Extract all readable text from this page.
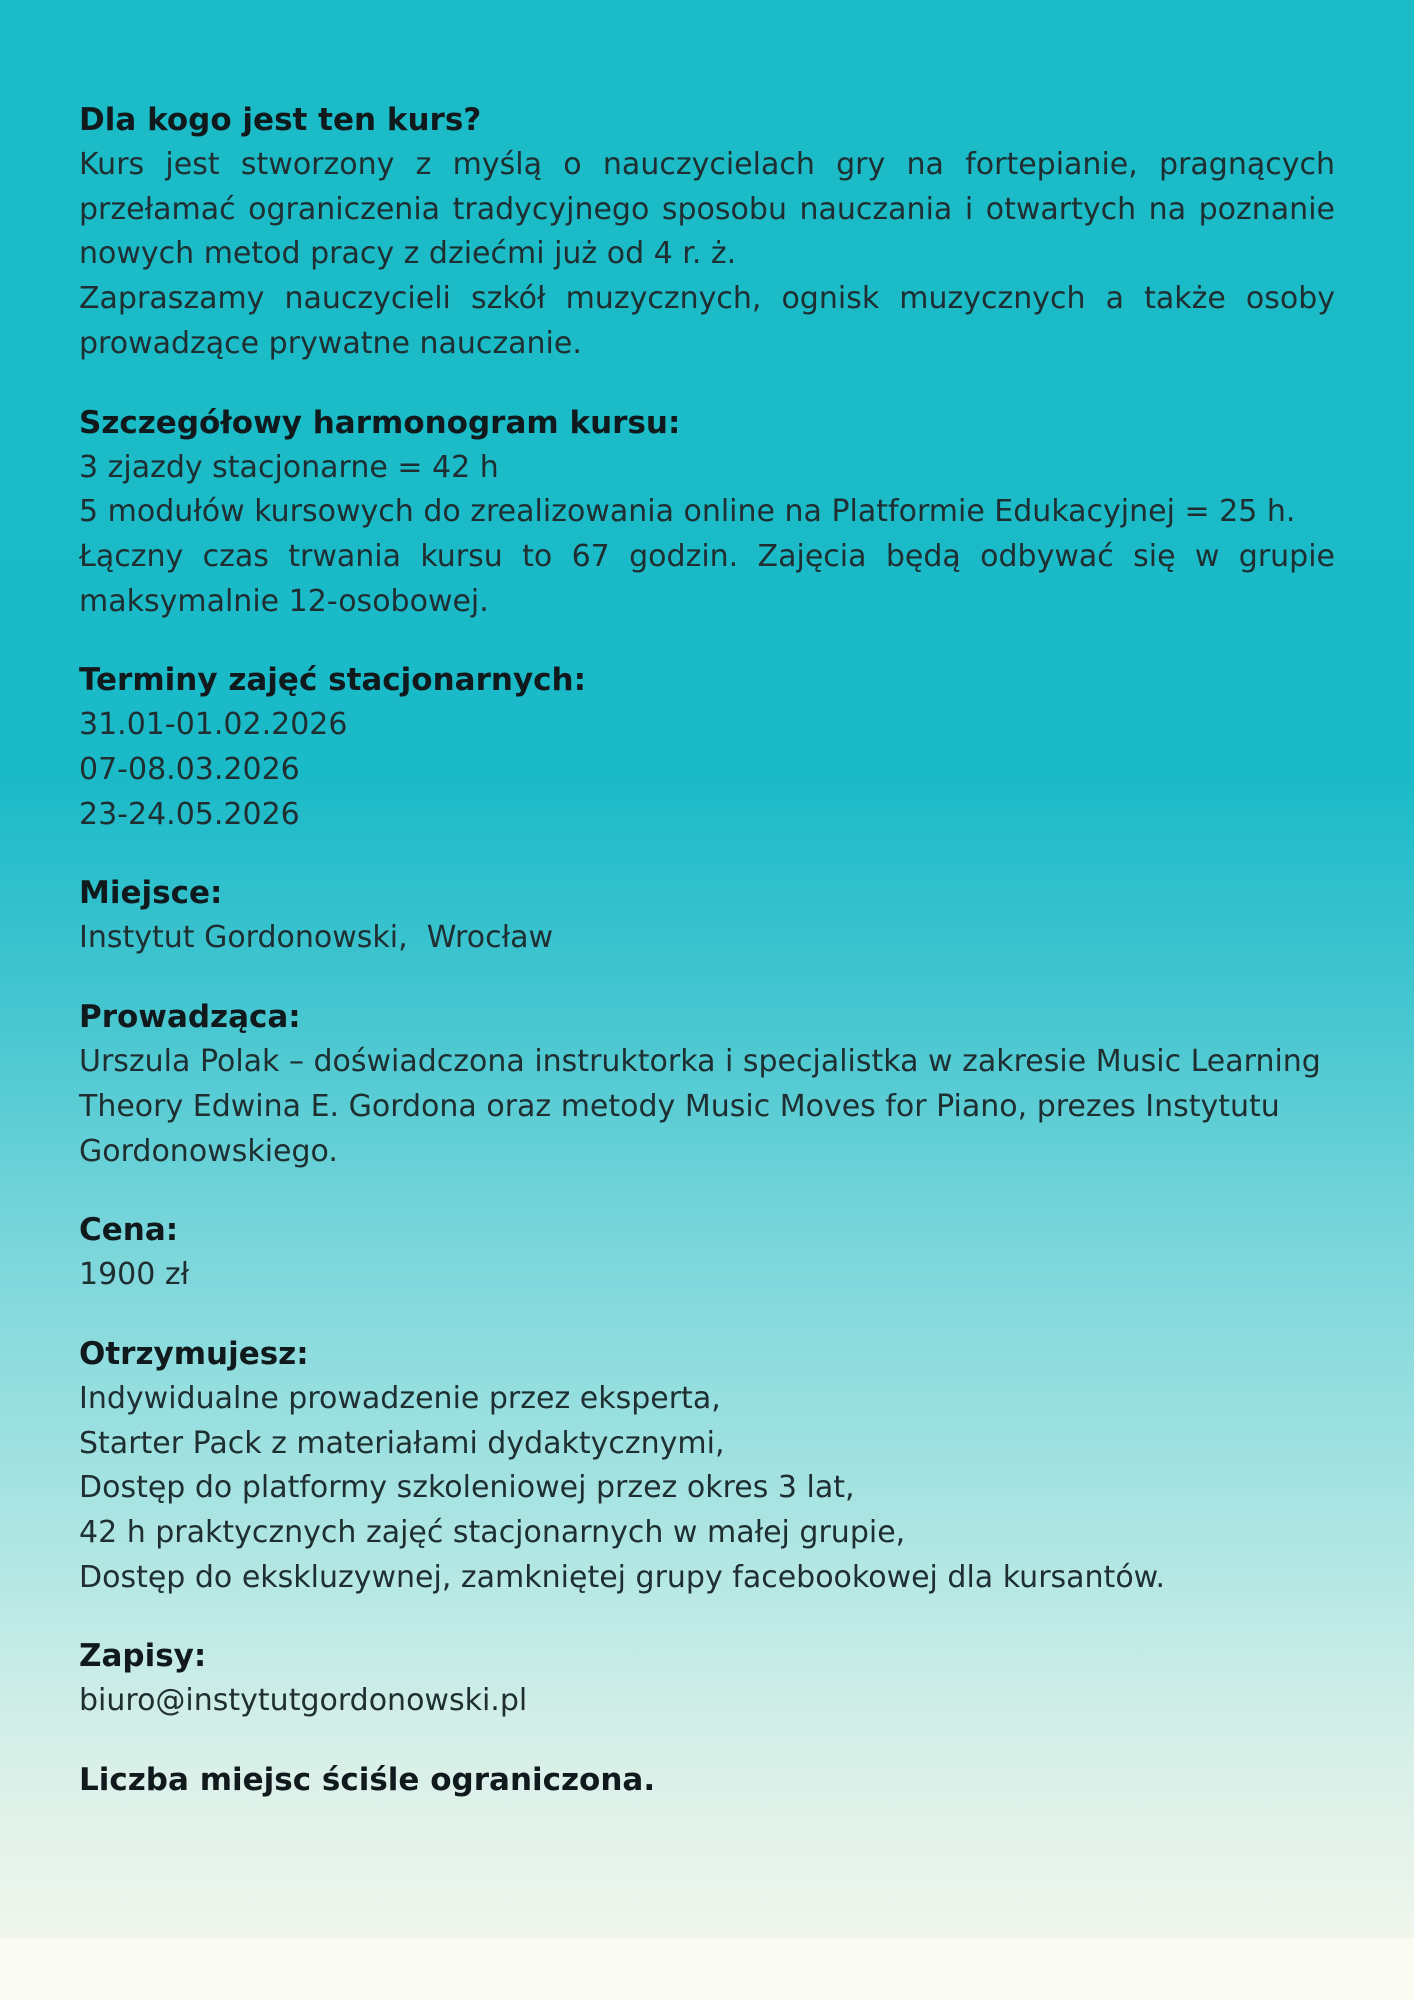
Dla kogo jest ten kurs?

Kurs jest stworzony z myślą o nauczycielach gry na fortepianie, pragnących przełamać ograniczenia tradycyjnego sposobu nauczania i otwartych na poznanie nowych metod pracy z dziećmi już od 4 r. ż.

Zapraszamy nauczycieli szkół muzycznych, ognisk muzycznych a także osoby prowadzące prywatne nauczanie.

Szczegółowy harmonogram kursu:

3 zjazdy stacjonarne = 42 h

5 modułów kursowych do zrealizowania online na Platformie Edukacyjnej = 25 h.

Łączny czas trwania kursu to 67 godzin. Zajęcia będą odbywać się w grupie maksymalnie 12-osobowej.

Terminy zajęć stacjonarnych:

31.01-01.02.2026

07-08.03.2026

23-24.05.2026

Miejsce:

Instytut Gordonowski,  Wrocław

Prowadząca:

Urszula Polak – doświadczona instruktorka i specjalistka w zakresie Music Learning
Theory Edwina E. Gordona oraz metody Music Moves for Piano, prezes Instytutu
Gordonowskiego.

Cena:

1900 zł

Otrzymujesz:

Indywidualne prowadzenie przez eksperta,

Starter Pack z materiałami dydaktycznymi,

Dostęp do platformy szkoleniowej przez okres 3 lat,

42 h praktycznych zajęć stacjonarnych w małej grupie,

Dostęp do ekskluzywnej, zamkniętej grupy facebookowej dla kursantów.

Zapisy:

biuro@instytutgordonowski.pl

Liczba miejsc ściśle ograniczona.
